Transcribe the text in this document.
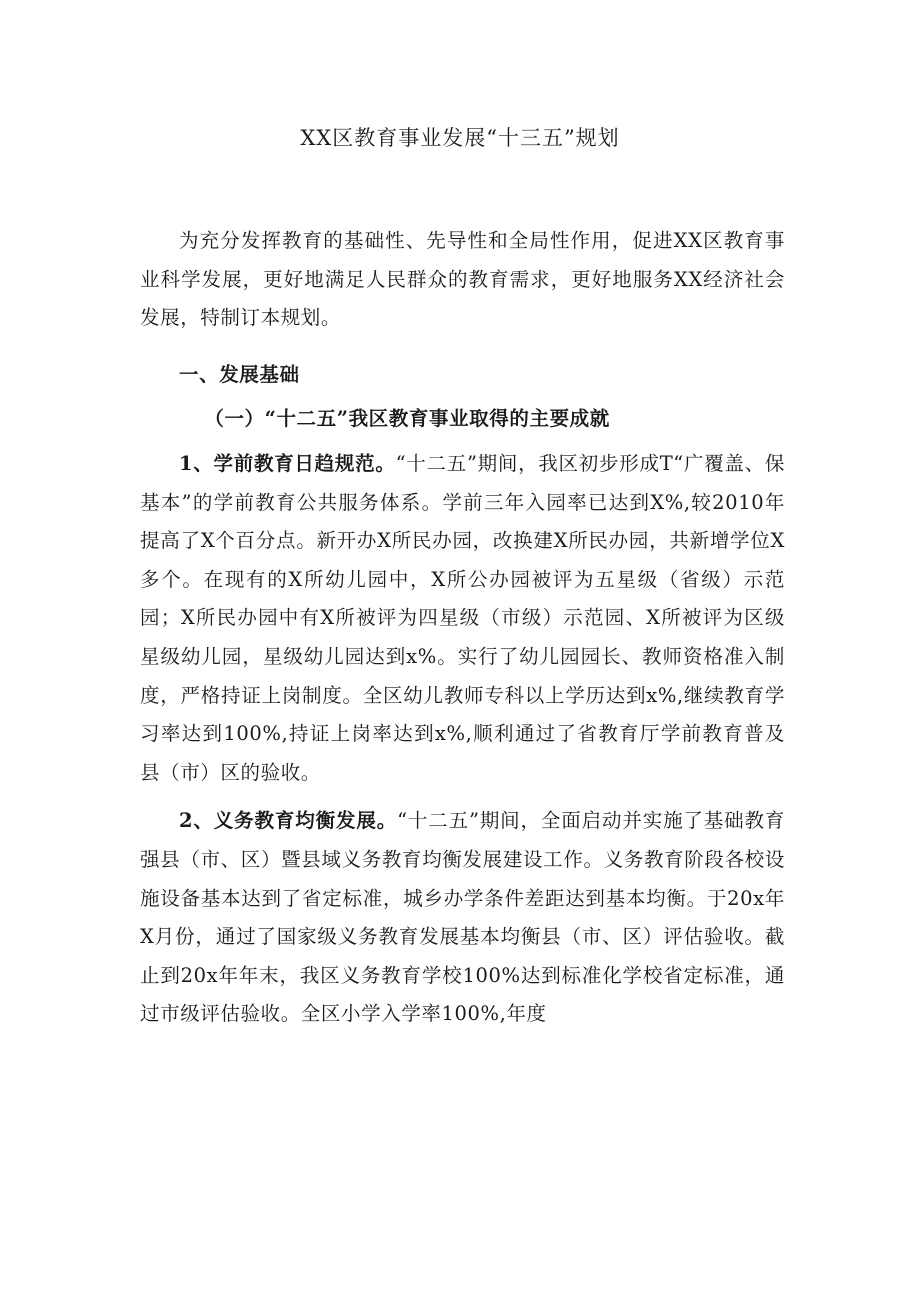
XX区教育事业发展“十三五”规划

为充分发挥教育的基础性、先导性和全局性作用，促进XX区教育事业科学发展，更好地满足人民群众的教育需求，更好地服务XX经济社会发展，特制订本规划。

一、发展基础

（一）“十二五”我区教育事业取得的主要成就

1、学前教育日趋规范。“十二五”期间，我区初步形成T“广覆盖、保基本”的学前教育公共服务体系。学前三年入园率已达到X%,较2010年提高了X个百分点。新开办X所民办园，改换建X所民办园，共新增学位X多个。在现有的X所幼儿园中，X所公办园被评为五星级（省级）示范园；X所民办园中有X所被评为四星级（市级）示范园、X所被评为区级星级幼儿园，星级幼儿园达到x%。实行了幼儿园园长、教师资格准入制度，严格持证上岗制度。全区幼儿教师专科以上学历达到x%,继续教育学习率达到100%,持证上岗率达到x%,顺利通过了省教育厅学前教育普及县（市）区的验收。

2、义务教育均衡发展。“十二五”期间，全面启动并实施了基础教育强县（市、区）暨县域义务教育均衡发展建设工作。义务教育阶段各校设施设备基本达到了省定标准，城乡办学条件差距达到基本均衡。于20x年X月份，通过了国家级义务教育发展基本均衡县（市、区）评估验收。截止到20x年年末，我区义务教育学校100%达到标准化学校省定标准，通过市级评估验收。全区小学入学率100%,年度
